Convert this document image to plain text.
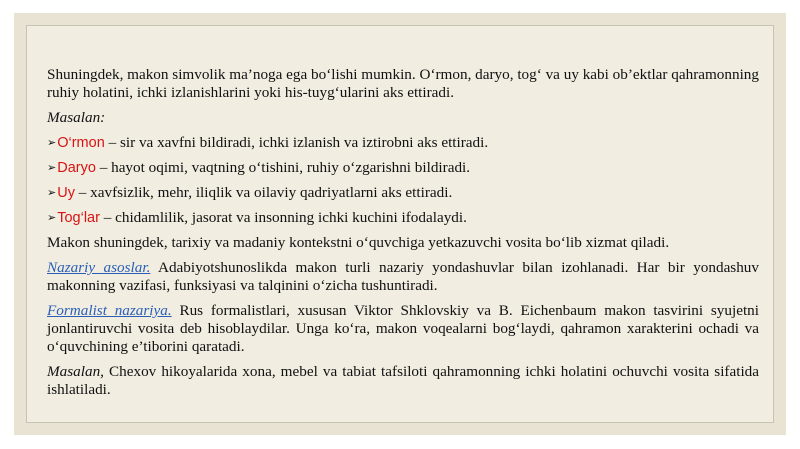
Shuningdek, makon simvolik ma’noga ega bo‘lishi mumkin. O‘rmon, daryo, tog‘ va uy kabi ob’ektlar qahramonning ruhiy holatini, ichki izlanishlarini yoki his-tuyg‘ularini aks ettiradi.

Masalan:

➢ O‘rmon – sir va xavfni bildiradi, ichki izlanish va iztirobni aks ettiradi.
➢ Daryo – hayot oqimi, vaqtning o‘tishini, ruhiy o‘zgarishni bildiradi.
➢ Uy – xavfsizlik, mehr, iliqlik va oilaviy qadriyatlarni aks ettiradi.
➢ Tog‘lar – chidamlilik, jasorat va insonning ichki kuchini ifodalaydi.

Makon shuningdek, tarixiy va madaniy kontekstni o‘quvchiga yetkazuvchi vosita bo‘lib xizmat qiladi.

Nazariy asoslar. Adabiyotshunoslikda makon turli nazariy yondashuvlar bilan izohlanadi. Har bir yondashuv makonning vazifasi, funksiyasi va talqinini o‘zicha tushuntiradi.

Formalist nazariya. Rus formalistlari, xususan Viktor Shklovskiy va B. Eichenbaum makon tasvirini syujetni jonlantiruvchi vosita deb hisoblaydilar. Unga ko‘ra, makon voqealarni bog‘laydi, qahramon xarakterini ochadi va o‘quvchining e’tiborini qaratadi.

Masalan, Chexov hikoyalarida xona, mebel va tabiat tafsiloti qahramonning ichki holatini ochuvchi vosita sifatida ishlatiladi.
